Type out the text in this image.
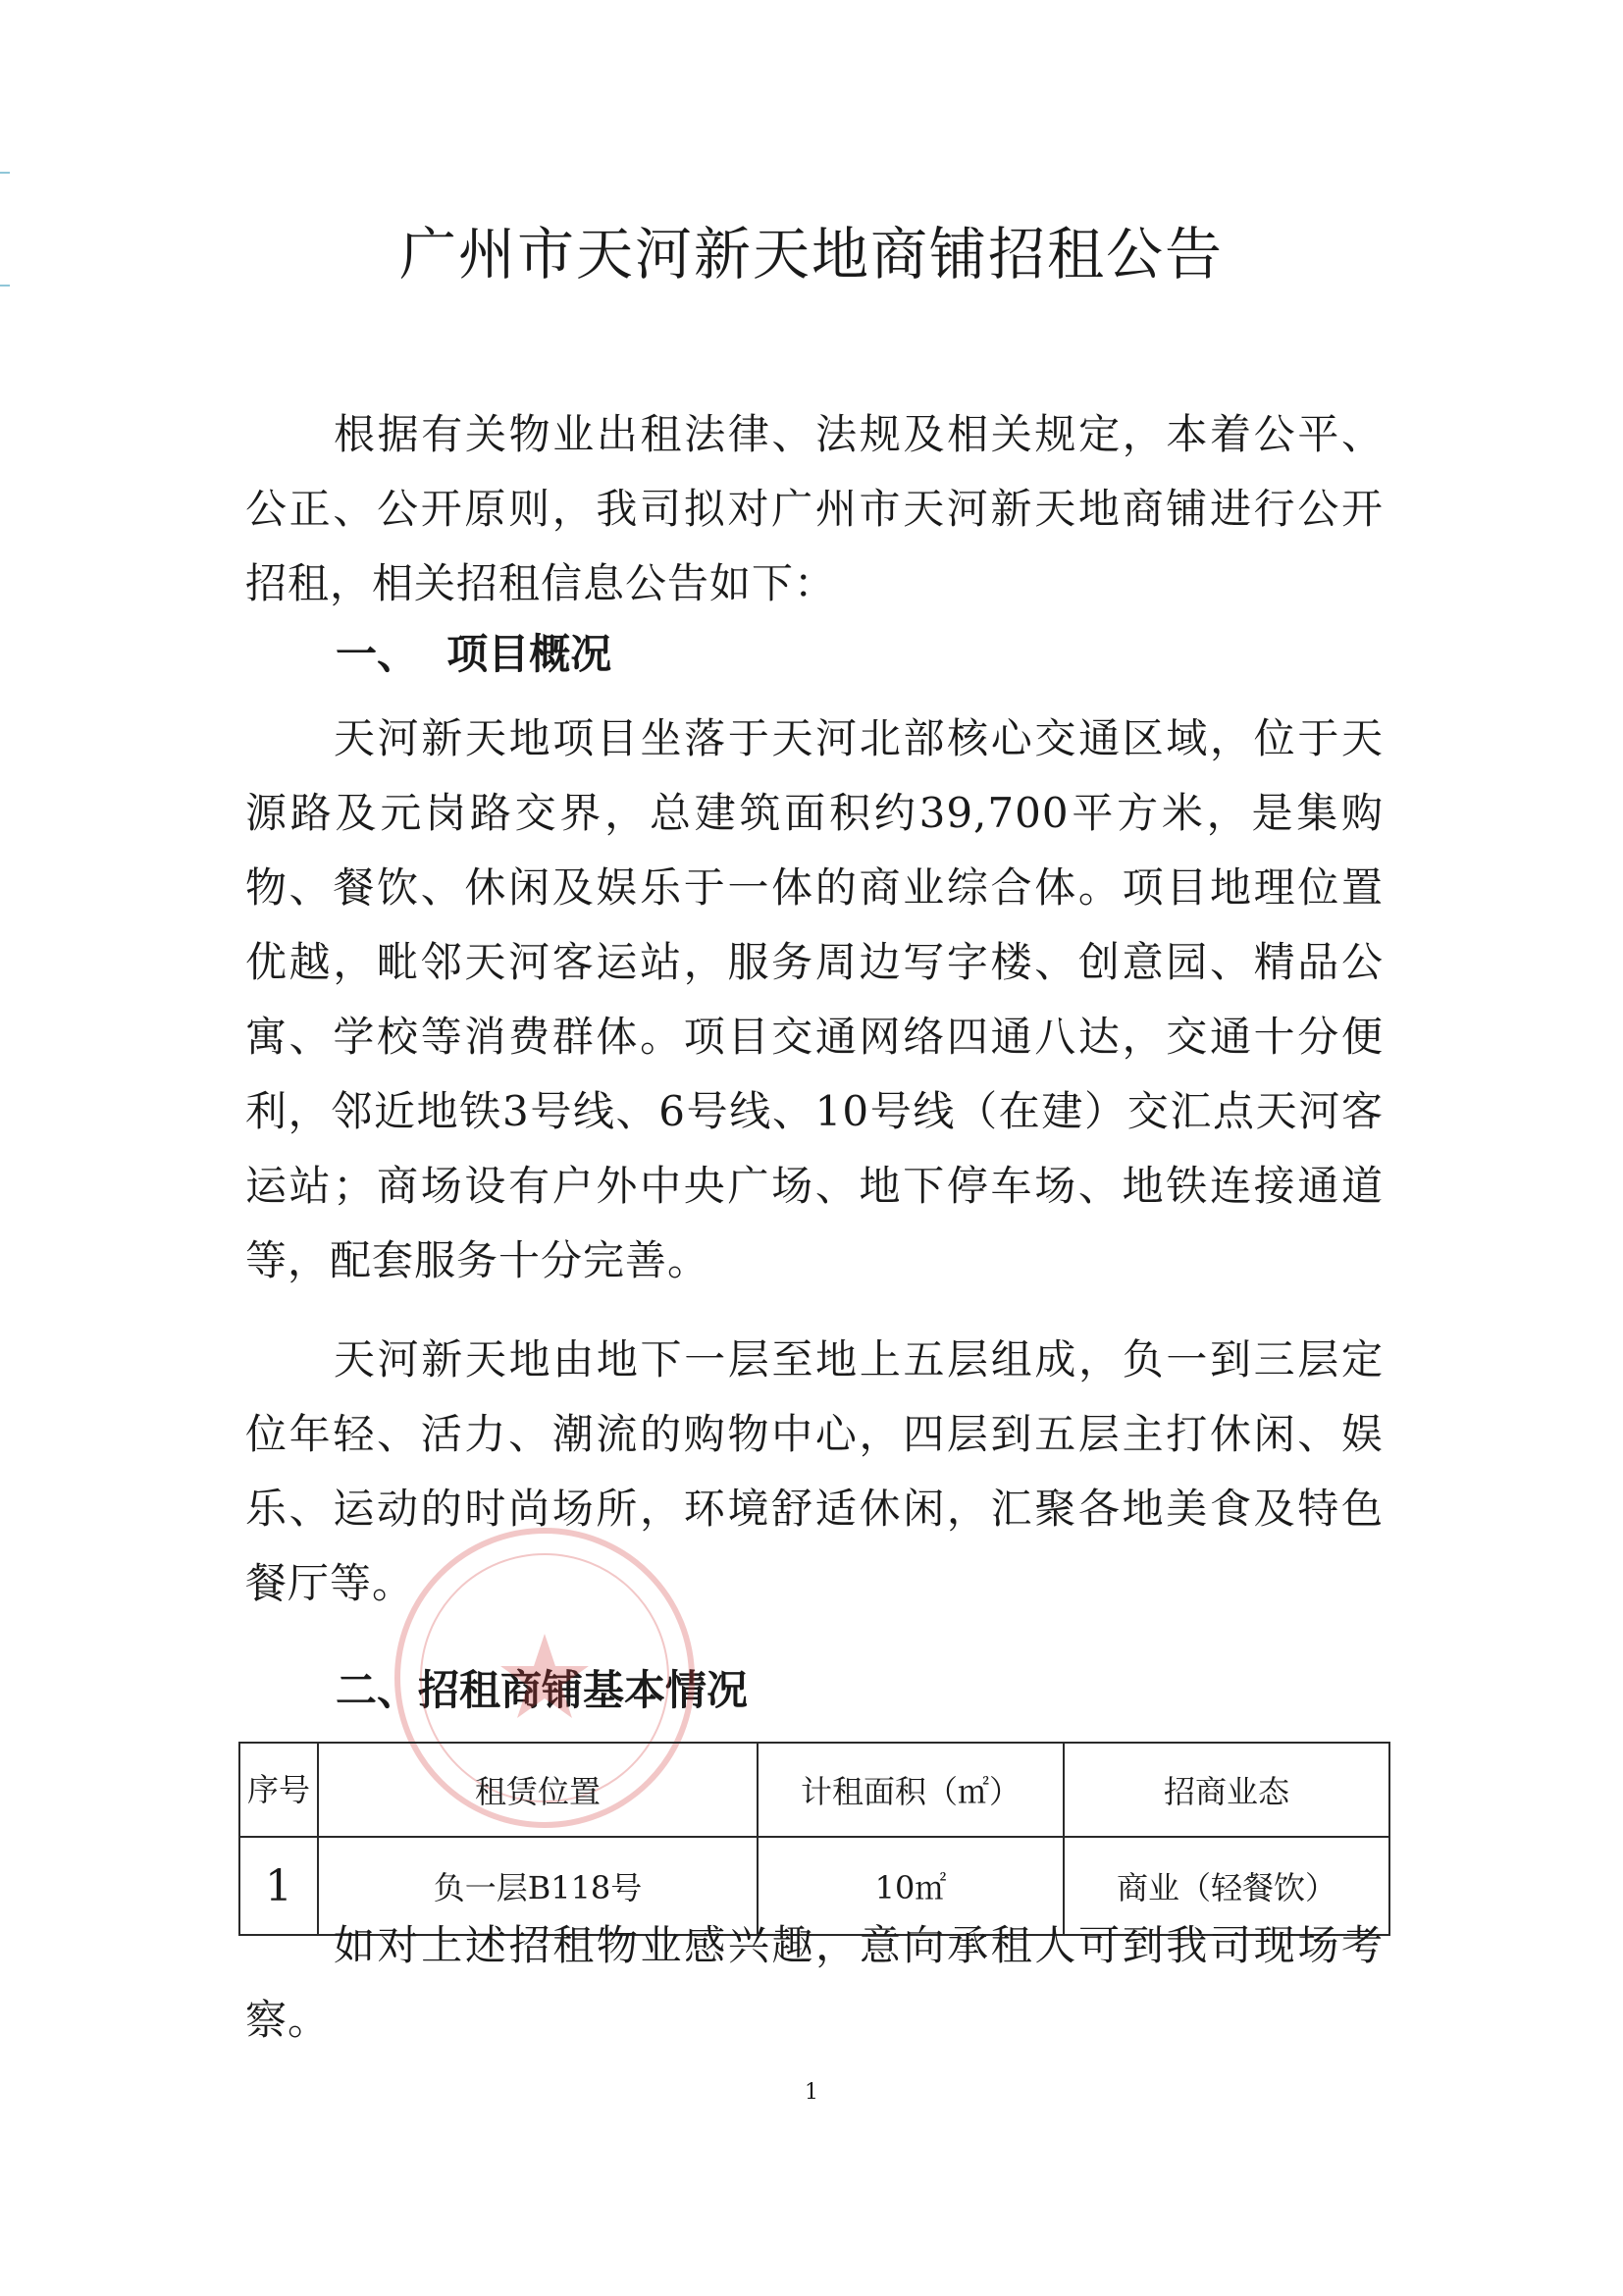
广州市天河新天地商铺招租公告

根据有关物业出租法律、法规及相关规定，本着公平、公正、公开原则，我司拟对广州市天河新天地商铺进行公开招租，相关招租信息公告如下：

一、  项目概况

天河新天地项目坐落于天河北部核心交通区域，位于天源路及元岗路交界，总建筑面积约39,700平方米，是集购物、餐饮、休闲及娱乐于一体的商业综合体。项目地理位置优越，毗邻天河客运站，服务周边写字楼、创意园、精品公寓、学校等消费群体。项目交通网络四通八达，交通十分便利，邻近地铁3号线、6号线、10号线（在建）交汇点天河客运站；商场设有户外中央广场、地下停车场、地铁连接通道等，配套服务十分完善。

天河新天地由地下一层至地上五层组成，负一到三层定位年轻、活力、潮流的购物中心，四层到五层主打休闲、娱乐、运动的时尚场所，环境舒适休闲，汇聚各地美食及特色餐厅等。

二、招租商铺基本情况
序号	租赁位置	计租面积（㎡）	招商业态
1	负一层B118号	10㎡	商业（轻餐饮）

如对上述招租物业感兴趣，意向承租人可到我司现场考察。

1
